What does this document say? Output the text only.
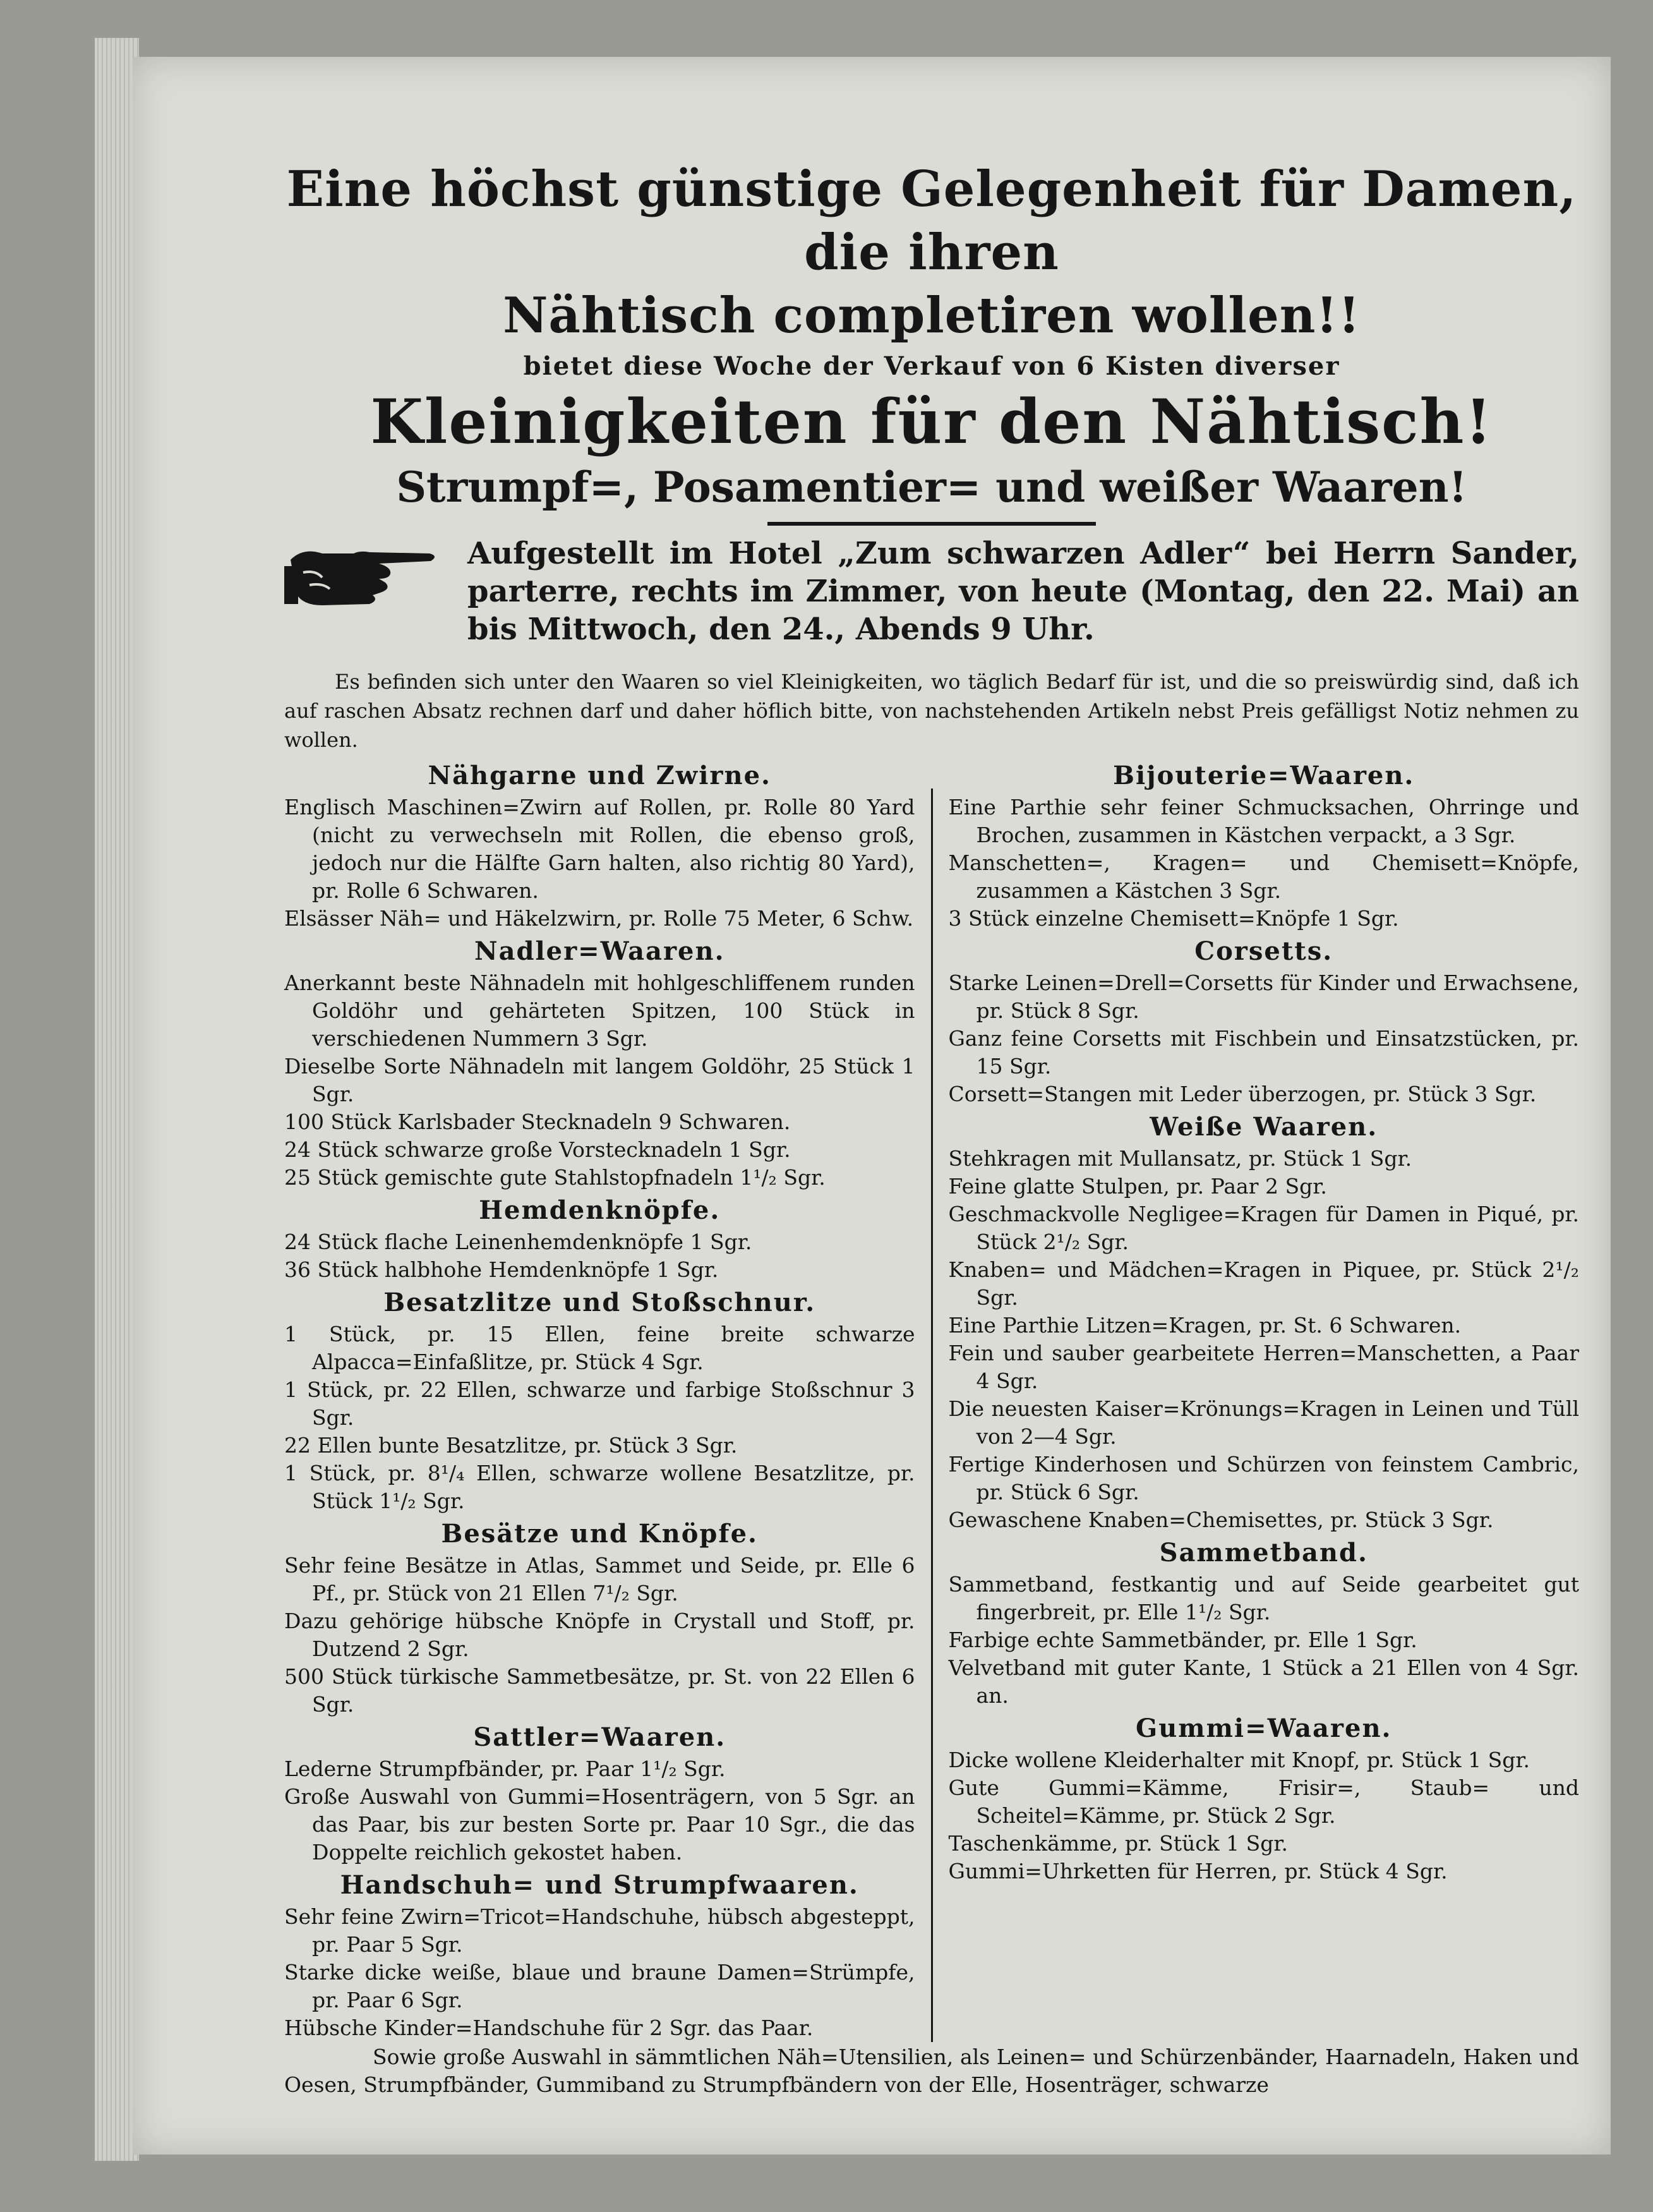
Eine höchst günstige Gelegenheit für Damen, die ihren

Nähtisch completiren wollen!!

bietet diese Woche der Verkauf von 6 Kisten diverser

Kleinigkeiten für den Nähtisch!

Strumpf=, Posamentier= und weißer Waaren!

Aufgestellt im Hotel „Zum schwarzen Adler“ bei Herrn Sander, parterre, rechts im Zimmer, von heute (Montag, den 22. Mai) an bis Mittwoch, den 24., Abends 9 Uhr.
Es befinden sich unter den Waaren so viel Kleinigkeiten, wo täglich Bedarf für ist, und die so preiswürdig sind, daß ich auf raschen Absatz rechnen darf und daher höflich bitte, von nachstehenden Artikeln nebst Preis gefälligst Notiz nehmen zu wollen.
Nähgarne und Zwirne.

Englisch Maschinen=Zwirn auf Rollen, pr. Rolle 80 Yard (nicht zu verwechseln mit Rollen, die ebenso groß, jedoch nur die Hälfte Garn halten, also richtig 80 Yard), pr. Rolle 6 Schwaren.

Elsässer Näh= und Häkelzwirn, pr. Rolle 75 Meter, 6 Schw.

Nadler=Waaren.

Anerkannt beste Nähnadeln mit hohlgeschliffenem runden Goldöhr und gehärteten Spitzen, 100 Stück in verschiedenen Nummern 3 Sgr.

Dieselbe Sorte Nähnadeln mit langem Goldöhr, 25 Stück 1 Sgr.

100 Stück Karlsbader Stecknadeln 9 Schwaren.

24 Stück schwarze große Vorstecknadeln 1 Sgr.

25 Stück gemischte gute Stahlstopfnadeln 1¹/₂ Sgr.

Hemdenknöpfe.

24 Stück flache Leinenhemdenknöpfe 1 Sgr.

36 Stück halbhohe Hemdenknöpfe 1 Sgr.

Besatzlitze und Stoßschnur.

1 Stück, pr. 15 Ellen, feine breite schwarze Alpacca=Einfaßlitze, pr. Stück 4 Sgr.

1 Stück, pr. 22 Ellen, schwarze und farbige Stoßschnur 3 Sgr.

22 Ellen bunte Besatzlitze, pr. Stück 3 Sgr.

1 Stück, pr. 8¹/₄ Ellen, schwarze wollene Besatzlitze, pr. Stück 1¹/₂ Sgr.

Besätze und Knöpfe.

Sehr feine Besätze in Atlas, Sammet und Seide, pr. Elle 6 Pf., pr. Stück von 21 Ellen 7¹/₂ Sgr.

Dazu gehörige hübsche Knöpfe in Crystall und Stoff, pr. Dutzend 2 Sgr.

500 Stück türkische Sammetbesätze, pr. St. von 22 Ellen 6 Sgr.

Sattler=Waaren.

Lederne Strumpfbänder, pr. Paar 1¹/₂ Sgr.

Große Auswahl von Gummi=Hosenträgern, von 5 Sgr. an das Paar, bis zur besten Sorte pr. Paar 10 Sgr., die das Doppelte reichlich gekostet haben.

Handschuh= und Strumpfwaaren.

Sehr feine Zwirn=Tricot=Handschuhe, hübsch abgesteppt, pr. Paar 5 Sgr.

Starke dicke weiße, blaue und braune Damen=Strümpfe, pr. Paar 6 Sgr.

Hübsche Kinder=Handschuhe für 2 Sgr. das Paar.

Bijouterie=Waaren.

Eine Parthie sehr feiner Schmucksachen, Ohrringe und Brochen, zusammen in Kästchen verpackt, a 3 Sgr.

Manschetten=, Kragen= und Chemisett=Knöpfe, zusammen a Kästchen 3 Sgr.

3 Stück einzelne Chemisett=Knöpfe 1 Sgr.

Corsetts.

Starke Leinen=Drell=Corsetts für Kinder und Erwachsene, pr. Stück 8 Sgr.

Ganz feine Corsetts mit Fischbein und Einsatzstücken, pr. 15 Sgr.

Corsett=Stangen mit Leder überzogen, pr. Stück 3 Sgr.

Weiße Waaren.

Stehkragen mit Mullansatz, pr. Stück 1 Sgr.

Feine glatte Stulpen, pr. Paar 2 Sgr.

Geschmackvolle Negligee=Kragen für Damen in Piqué, pr. Stück 2¹/₂ Sgr.

Knaben= und Mädchen=Kragen in Piquee, pr. Stück 2¹/₂ Sgr.

Eine Parthie Litzen=Kragen, pr. St. 6 Schwaren.

Fein und sauber gearbeitete Herren=Manschetten, a Paar 4 Sgr.

Die neuesten Kaiser=Krönungs=Kragen in Leinen und Tüll von 2—4 Sgr.

Fertige Kinderhosen und Schürzen von feinstem Cambric, pr. Stück 6 Sgr.

Gewaschene Knaben=Chemisettes, pr. Stück 3 Sgr.

Sammetband.

Sammetband, festkantig und auf Seide gearbeitet gut fingerbreit, pr. Elle 1¹/₂ Sgr.

Farbige echte Sammetbänder, pr. Elle 1 Sgr.

Velvetband mit guter Kante, 1 Stück a 21 Ellen von 4 Sgr. an.

Gummi=Waaren.

Dicke wollene Kleiderhalter mit Knopf, pr. Stück 1 Sgr.

Gute Gummi=Kämme, Frisir=, Staub= und Scheitel=Kämme, pr. Stück 2 Sgr.

Taschenkämme, pr. Stück 1 Sgr.

Gummi=Uhrketten für Herren, pr. Stück 4 Sgr.

Sowie große Auswahl in sämmtlichen Näh=Utensilien, als Leinen= und Schürzenbänder, Haarnadeln, Haken und Oesen, Strumpfbänder, Gummiband zu Strumpfbändern von der Elle, Hosenträger, schwarze
